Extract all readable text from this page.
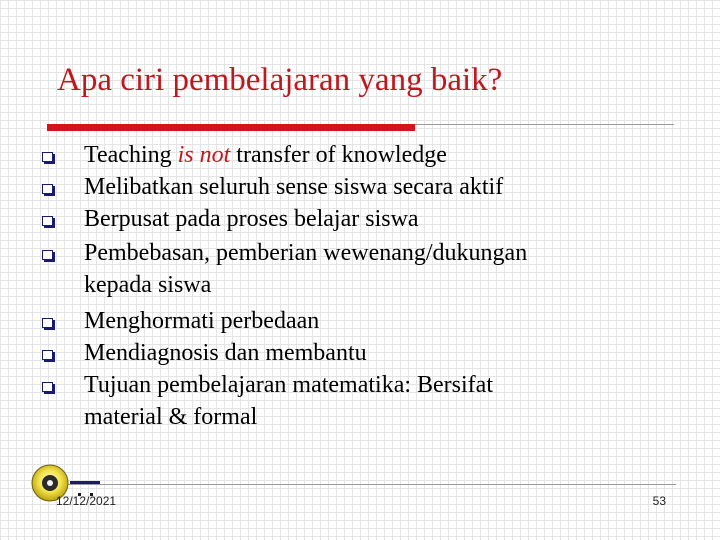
Apa ciri pembelajaran yang baik?
Teaching is not transfer of knowledge
Melibatkan seluruh sense siswa secara aktif
Berpusat pada proses belajar siswa
Pembebasan, pemberian wewenang/dukungan
kepada siswa
Menghormati perbedaan
Mendiagnosis dan membantu
Tujuan pembelajaran matematika: Bersifat
material & formal
12/12/2021	53
